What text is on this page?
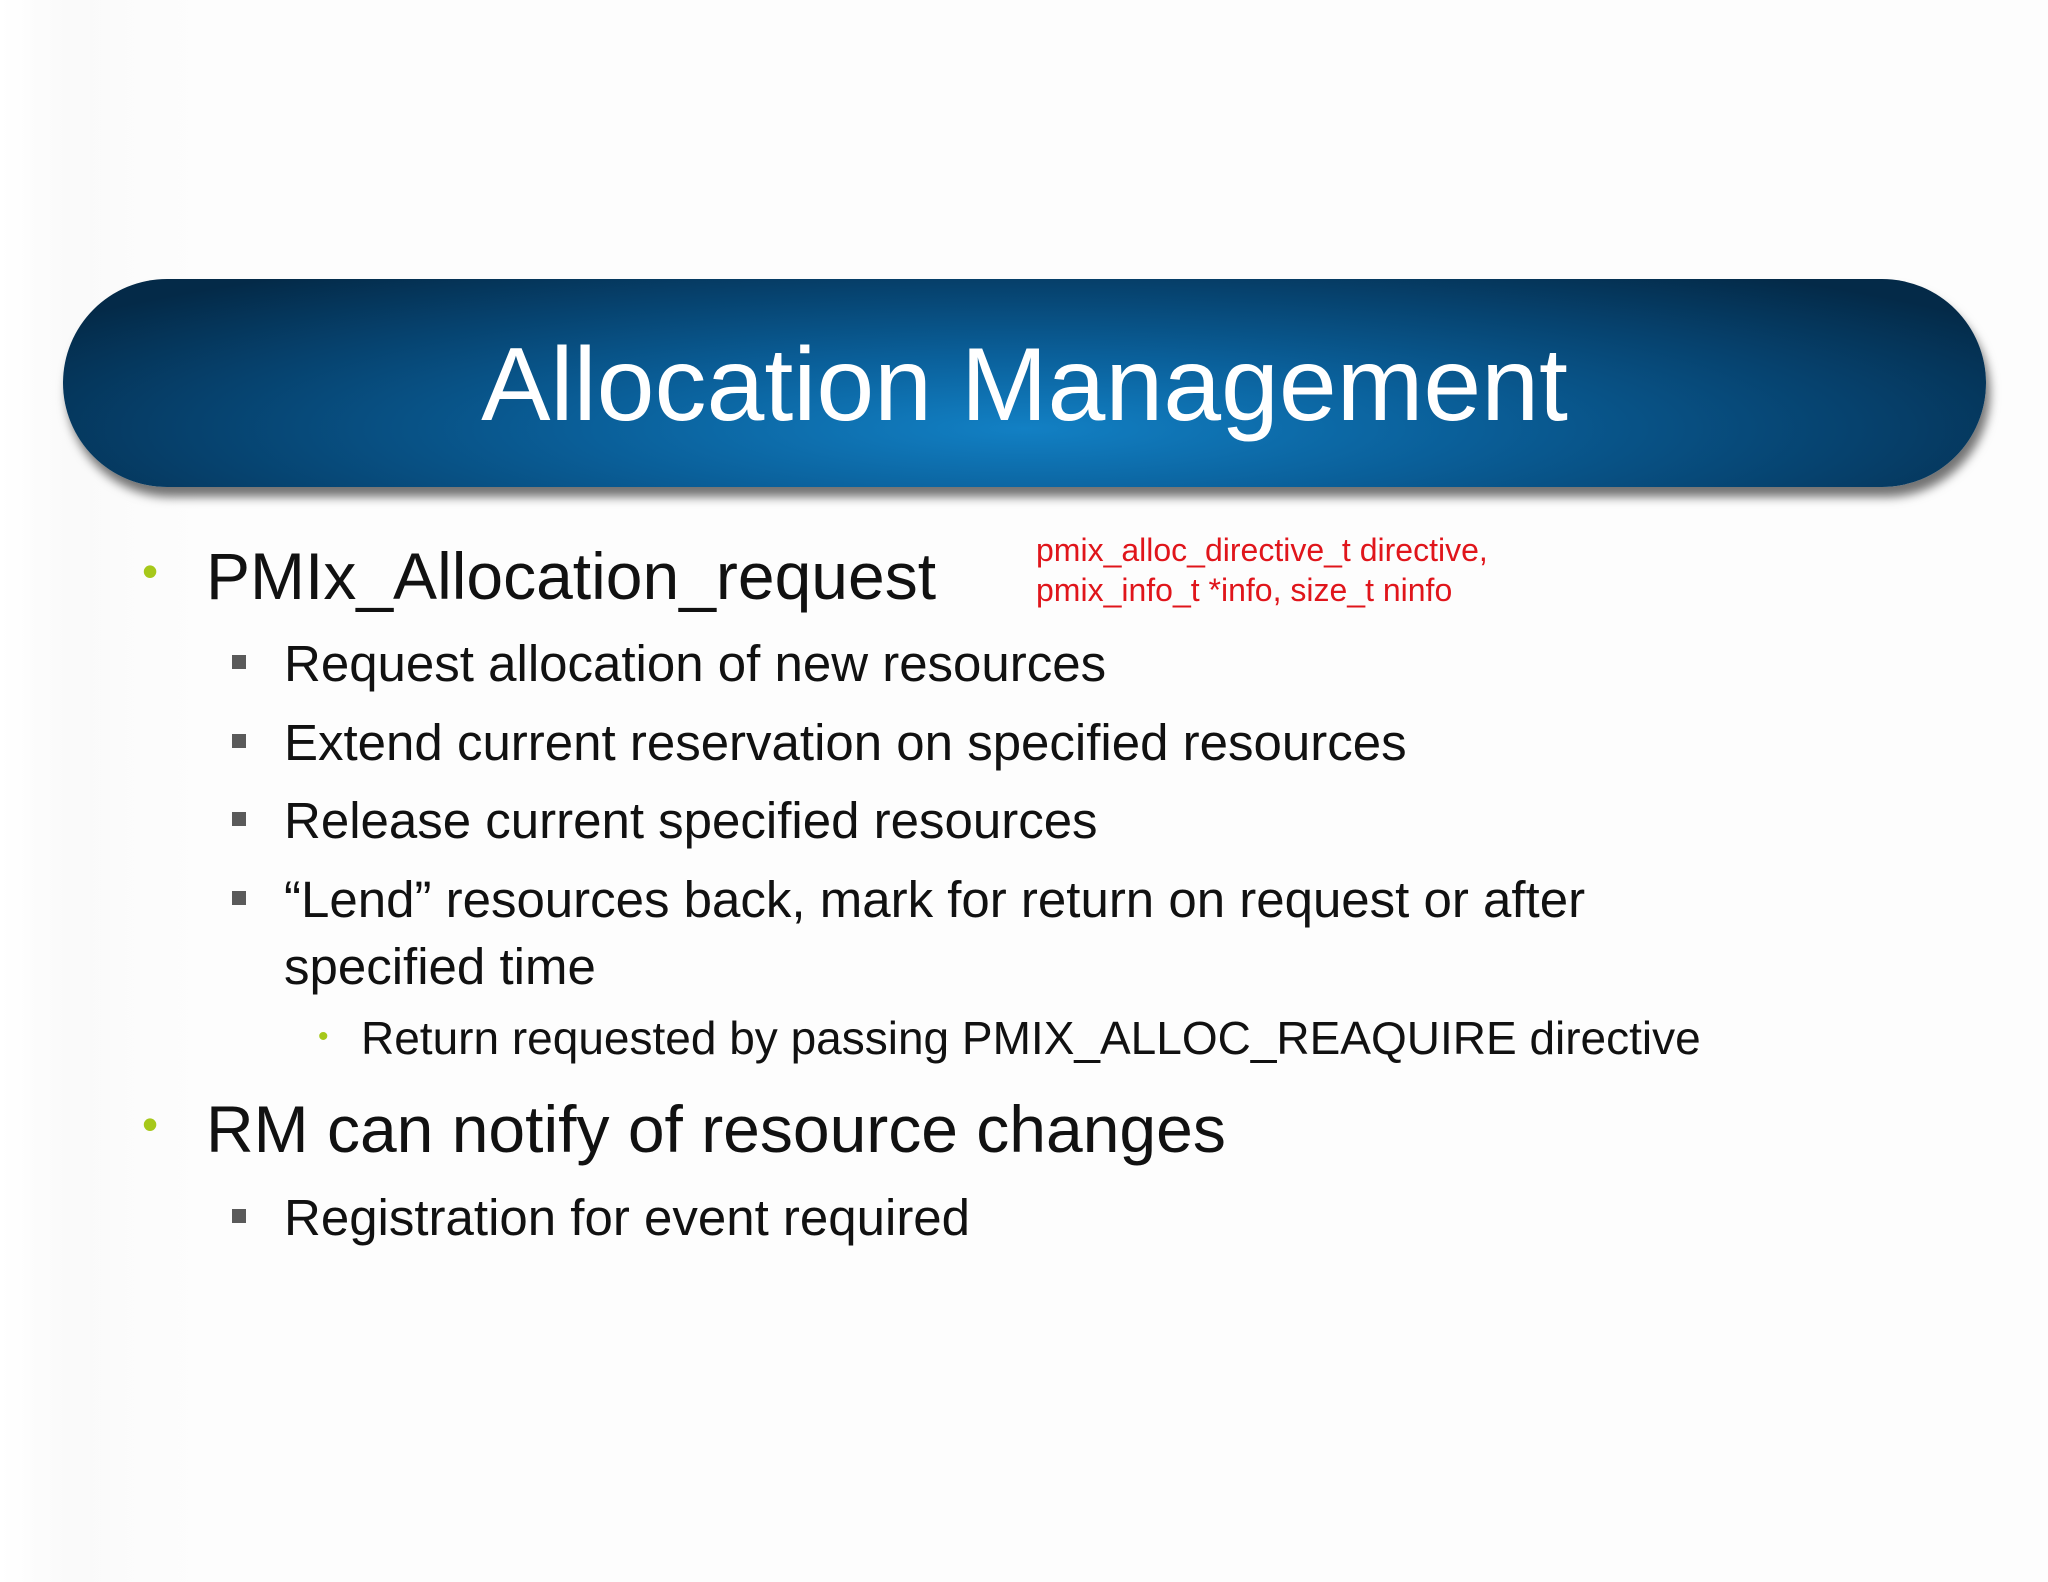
Allocation Management
• PMIx_Allocation_request	pmix_alloc_directive_t directive,
pmix_info_t *info, size_t ninfo
Request allocation of new resources
Extend current reservation on specified resources
Release current specified resources
“Lend” resources back, mark for return on request or after
specified time
• Return requested by passing PMIX_ALLOC_REAQUIRE directive
• RM can notify of resource changes
Registration for event required
